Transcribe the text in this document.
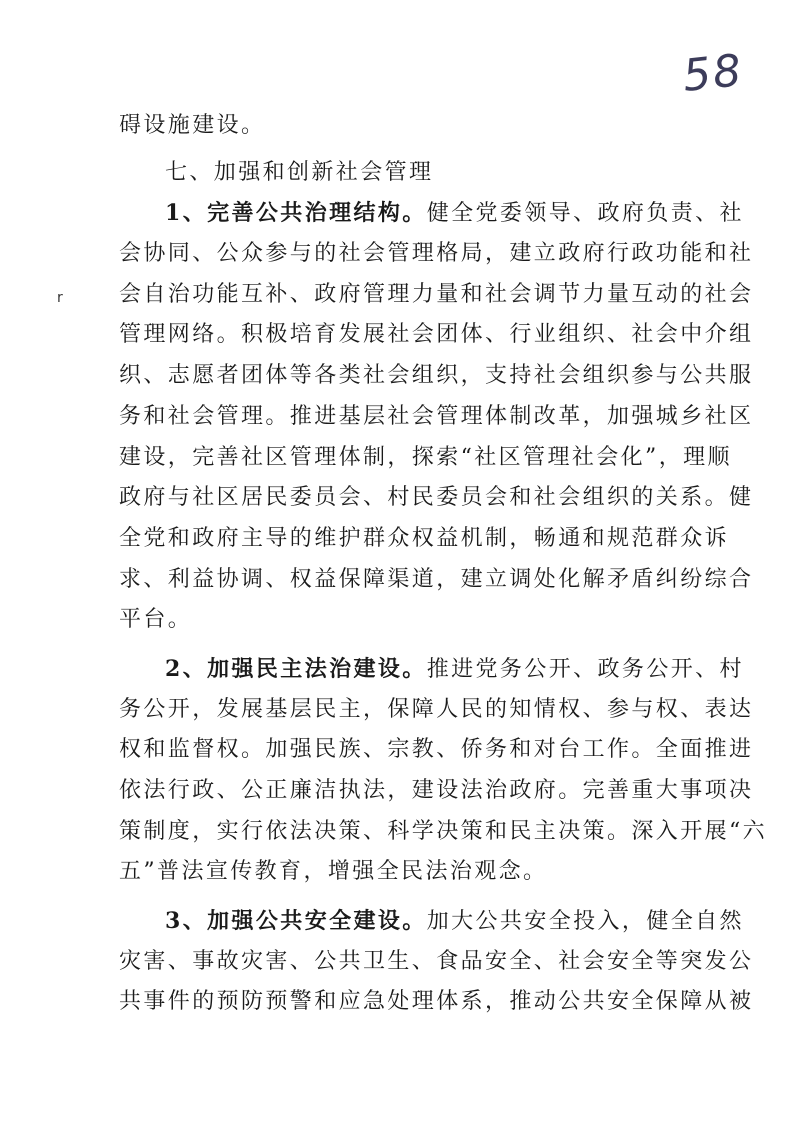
58
r
碍设施建设。
七、加强和创新社会管理
1、完善公共治理结构。健全党委领导、政府负责、社
会协同、公众参与的社会管理格局，建立政府行政功能和社
会自治功能互补、政府管理力量和社会调节力量互动的社会
管理网络。积极培育发展社会团体、行业组织、社会中介组
织、志愿者团体等各类社会组织，支持社会组织参与公共服
务和社会管理。推进基层社会管理体制改革，加强城乡社区
建设，完善社区管理体制，探索“社区管理社会化”，理顺
政府与社区居民委员会、村民委员会和社会组织的关系。健
全党和政府主导的维护群众权益机制，畅通和规范群众诉
求、利益协调、权益保障渠道，建立调处化解矛盾纠纷综合
平台。
2、加强民主法治建设。推进党务公开、政务公开、村
务公开，发展基层民主，保障人民的知情权、参与权、表达
权和监督权。加强民族、宗教、侨务和对台工作。全面推进
依法行政、公正廉洁执法，建设法治政府。完善重大事项决
策制度，实行依法决策、科学决策和民主决策。深入开展“六
五”普法宣传教育，增强全民法治观念。
3、加强公共安全建设。加大公共安全投入，健全自然
灾害、事故灾害、公共卫生、食品安全、社会安全等突发公
共事件的预防预警和应急处理体系，推动公共安全保障从被
